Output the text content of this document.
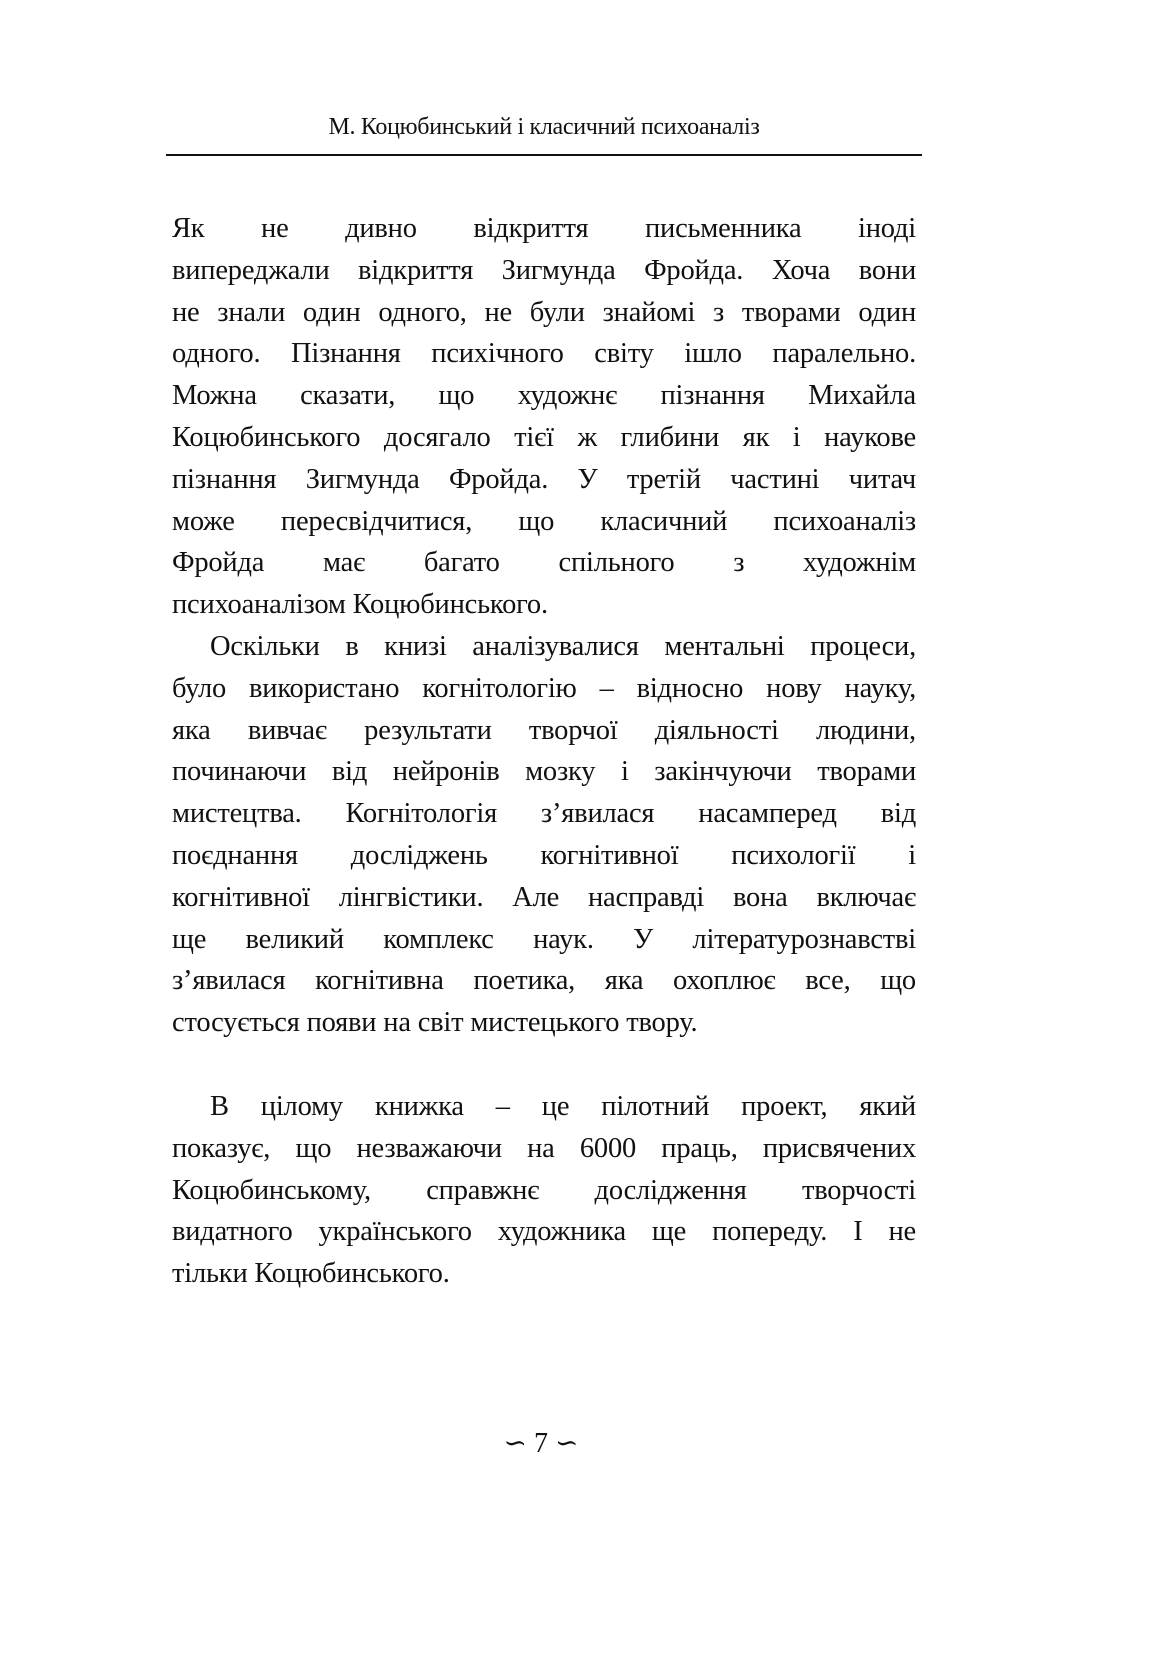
М. Коцюбинський і класичний психоаналіз
Як не дивно відкриття письменника іноді
випереджали відкриття Зигмунда Фройда. Хоча вони
не знали один одного, не були знайомі з творами один
одного. Пізнання психічного світу ішло паралельно.
Можна сказати, що художнє пізнання Михайла
Коцюбинського досягало тієї ж глибини як і наукове
пізнання Зигмунда Фройда. У третій частині читач
може пересвідчитися, що класичний психоаналіз
Фройда має багато спільного з художнім
психоаналізом Коцюбинського.
Оскільки в книзі аналізувалися ментальні процеси,
було використано когнітологію – відносно нову науку,
яка вивчає результати творчої діяльності людини,
починаючи від нейронів мозку і закінчуючи творами
мистецтва. Когнітологія з’явилася насамперед від
поєднання досліджень когнітивної психології і
когнітивної лінгвістики. Але насправді вона включає
ще великий комплекс наук. У літературознавстві
з’явилася когнітивна поетика, яка охоплює все, що
стосується появи на світ мистецького твору.
В цілому книжка – це пілотний проект, який
показує, що незважаючи на 6000 праць, присвячених
Коцюбинському, справжнє дослідження творчості
видатного українського художника ще попереду. І не
тільки Коцюбинського.
∽ 7 ∽
